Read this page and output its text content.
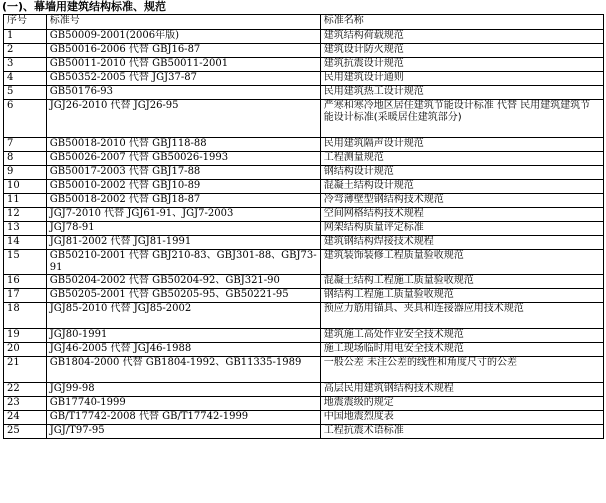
(一)、幕墙用建筑结构标准、规范
序号	标准号	标准名称
1	GB50009-2001(2006年版)	建筑结构荷载规范
2	GB50016-2006 代替 GBJ16-87	建筑设计防火规范
3	GB50011-2010 代替 GB50011-2001	建筑抗震设计规范
4	GB50352-2005 代替 JGJ37-87	民用建筑设计通则
5	GB50176-93	民用建筑热工设计规范
6	JGJ26-2010 代替 JGJ26-95	严寒和寒冷地区居住建筑节能设计标准 代替 民用建筑建筑节能设计标准(采暖居住建筑部分)
7	GB50018-2010 代替 GBJ118-88	民用建筑隔声设计规范
8	GB50026-2007 代替 GB50026-1993	工程测量规范
9	GB50017-2003 代替 GBJ17-88	钢结构设计规范
10	GB50010-2002 代替 GBJ10-89	混凝土结构设计规范
11	GB50018-2002 代替 GBJ18-87	冷弯薄壁型钢结构技术规范
12	JGJ7-2010 代替 JGJ61-91、JGJ7-2003	空间网格结构技术规程
13	JGJ78-91	网架结构质量评定标准
14	JGJ81-2002 代替 JGJ81-1991	建筑钢结构焊接技术规程
15	GB50210-2001 代替 GBJ210-83、GBJ301-88、GBJ73-91	建筑装饰装修工程质量验收规范
16	GB50204-2002 代替 GB50204-92、GBJ321-90	混凝土结构工程施工质量验收规范
17	GB50205-2001 代替 GB50205-95、GB50221-95	钢结构工程施工质量验收规范
18	JGJ85-2010 代替 JGJ85-2002	预应力筋用锚具、夹具和连接器应用技术规范
19	JGJ80-1991	建筑施工高处作业安全技术规范
20	JGJ46-2005 代替 JGJ46-1988	施工现场临时用电安全技术规范
21	GB1804-2000 代替 GB1804-1992、GB11335-1989	一般公差 未注公差的线性和角度尺寸的公差
22	JGJ99-98	高层民用建筑钢结构技术规程
23	GB17740-1999	地震震级的规定
24	GB/T17742-2008 代替 GB/T17742-1999	中国地震烈度表
25	JGJ/T97-95	工程抗震术语标准
